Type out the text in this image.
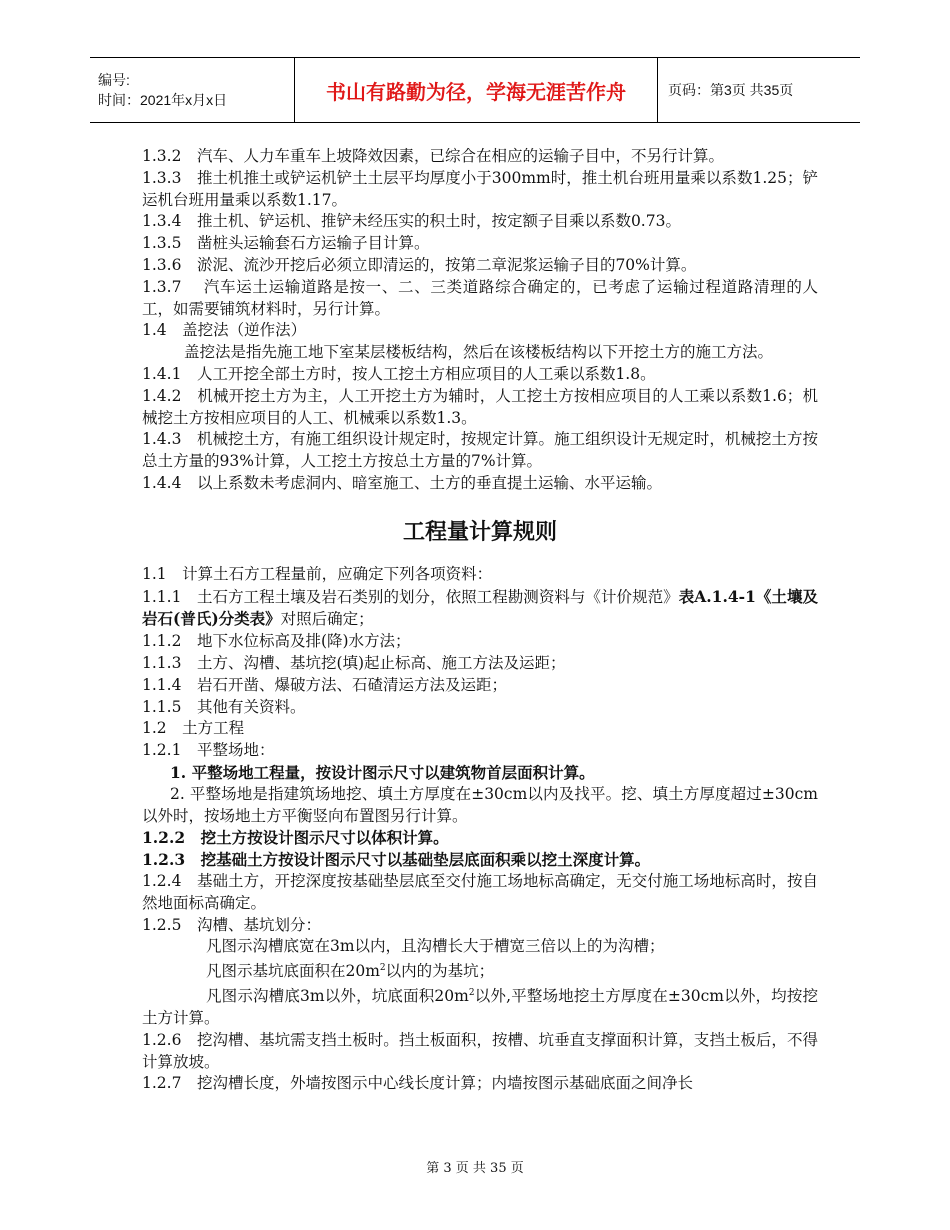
编号:
时间：2021年x月x日	书山有路勤为径，学海无涯苦作舟	页码：第3页 共35页

1.3.2　汽车、人力车重车上坡降效因素，已综合在相应的运输子目中，不另行计算。

1.3.3　推土机推土或铲运机铲土土层平均厚度小于300mm时，推土机台班用量乘以系数1.25；铲运机台班用量乘以系数1.17。

1.3.4　推土机、铲运机、推铲未经压实的积土时，按定额子目乘以系数0.73。

1.3.5　凿桩头运输套石方运输子目计算。

1.3.6　淤泥、流沙开挖后必须立即清运的，按第二章泥浆运输子目的70%计算。

1.3.7　 汽车运土运输道路是按一、二、三类道路综合确定的，已考虑了运输过程道路清理的人工，如需要铺筑材料时，另行计算。

1.4　盖挖法（逆作法）

盖挖法是指先施工地下室某层楼板结构，然后在该楼板结构以下开挖土方的施工方法。

1.4.1　人工开挖全部土方时，按人工挖土方相应项目的人工乘以系数1.8。

1.4.2　机械开挖土方为主，人工开挖土方为辅时，人工挖土方按相应项目的人工乘以系数1.6；机械挖土方按相应项目的人工、机械乘以系数1.3。

1.4.3　机械挖土方，有施工组织设计规定时，按规定计算。施工组织设计无规定时，机械挖土方按总土方量的93%计算，人工挖土方按总土方量的7%计算。

1.4.4　以上系数未考虑洞内、暗室施工、土方的垂直提土运输、水平运输。

工程量计算规则

1.1　计算土石方工程量前，应确定下列各项资料：

1.1.1　土石方工程土壤及岩石类别的划分，依照工程勘测资料与《计价规范》表A.1.4-1《土壤及岩石(普氏)分类表》对照后确定；

1.1.2　地下水位标高及排(降)水方法；

1.1.3　土方、沟槽、基坑挖(填)起止标高、施工方法及运距；

1.1.4　岩石开凿、爆破方法、石碴清运方法及运距；

1.1.5　其他有关资料。

1.2　土方工程

1.2.1　平整场地：

1. 平整场地工程量，按设计图示尺寸以建筑物首层面积计算。

2. 平整场地是指建筑场地挖、填土方厚度在±30cm以内及找平。挖、填土方厚度超过±30cm以外时，按场地土方平衡竖向布置图另行计算。

1.2.2　挖土方按设计图示尺寸以体积计算。

1.2.3　挖基础土方按设计图示尺寸以基础垫层底面积乘以挖土深度计算。

1.2.4　基础土方，开挖深度按基础垫层底至交付施工场地标高确定，无交付施工场地标高时，按自然地面标高确定。

1.2.5　沟槽、基坑划分：

凡图示沟槽底宽在3m以内，且沟槽长大于槽宽三倍以上的为沟槽；

凡图示基坑底面积在$20m^2$以内的为基坑；

凡图示沟槽底3m以外，坑底面积$20m^2$以外,平整场地挖土方厚度在±30cm以外，均按挖土方计算。

1.2.6　挖沟槽、基坑需支挡土板时。挡土板面积，按槽、坑垂直支撑面积计算，支挡土板后，不得计算放坡。

1.2.7　挖沟槽长度，外墙按图示中心线长度计算；内墙按图示基础底面之间净长

第 3 页 共 35 页
